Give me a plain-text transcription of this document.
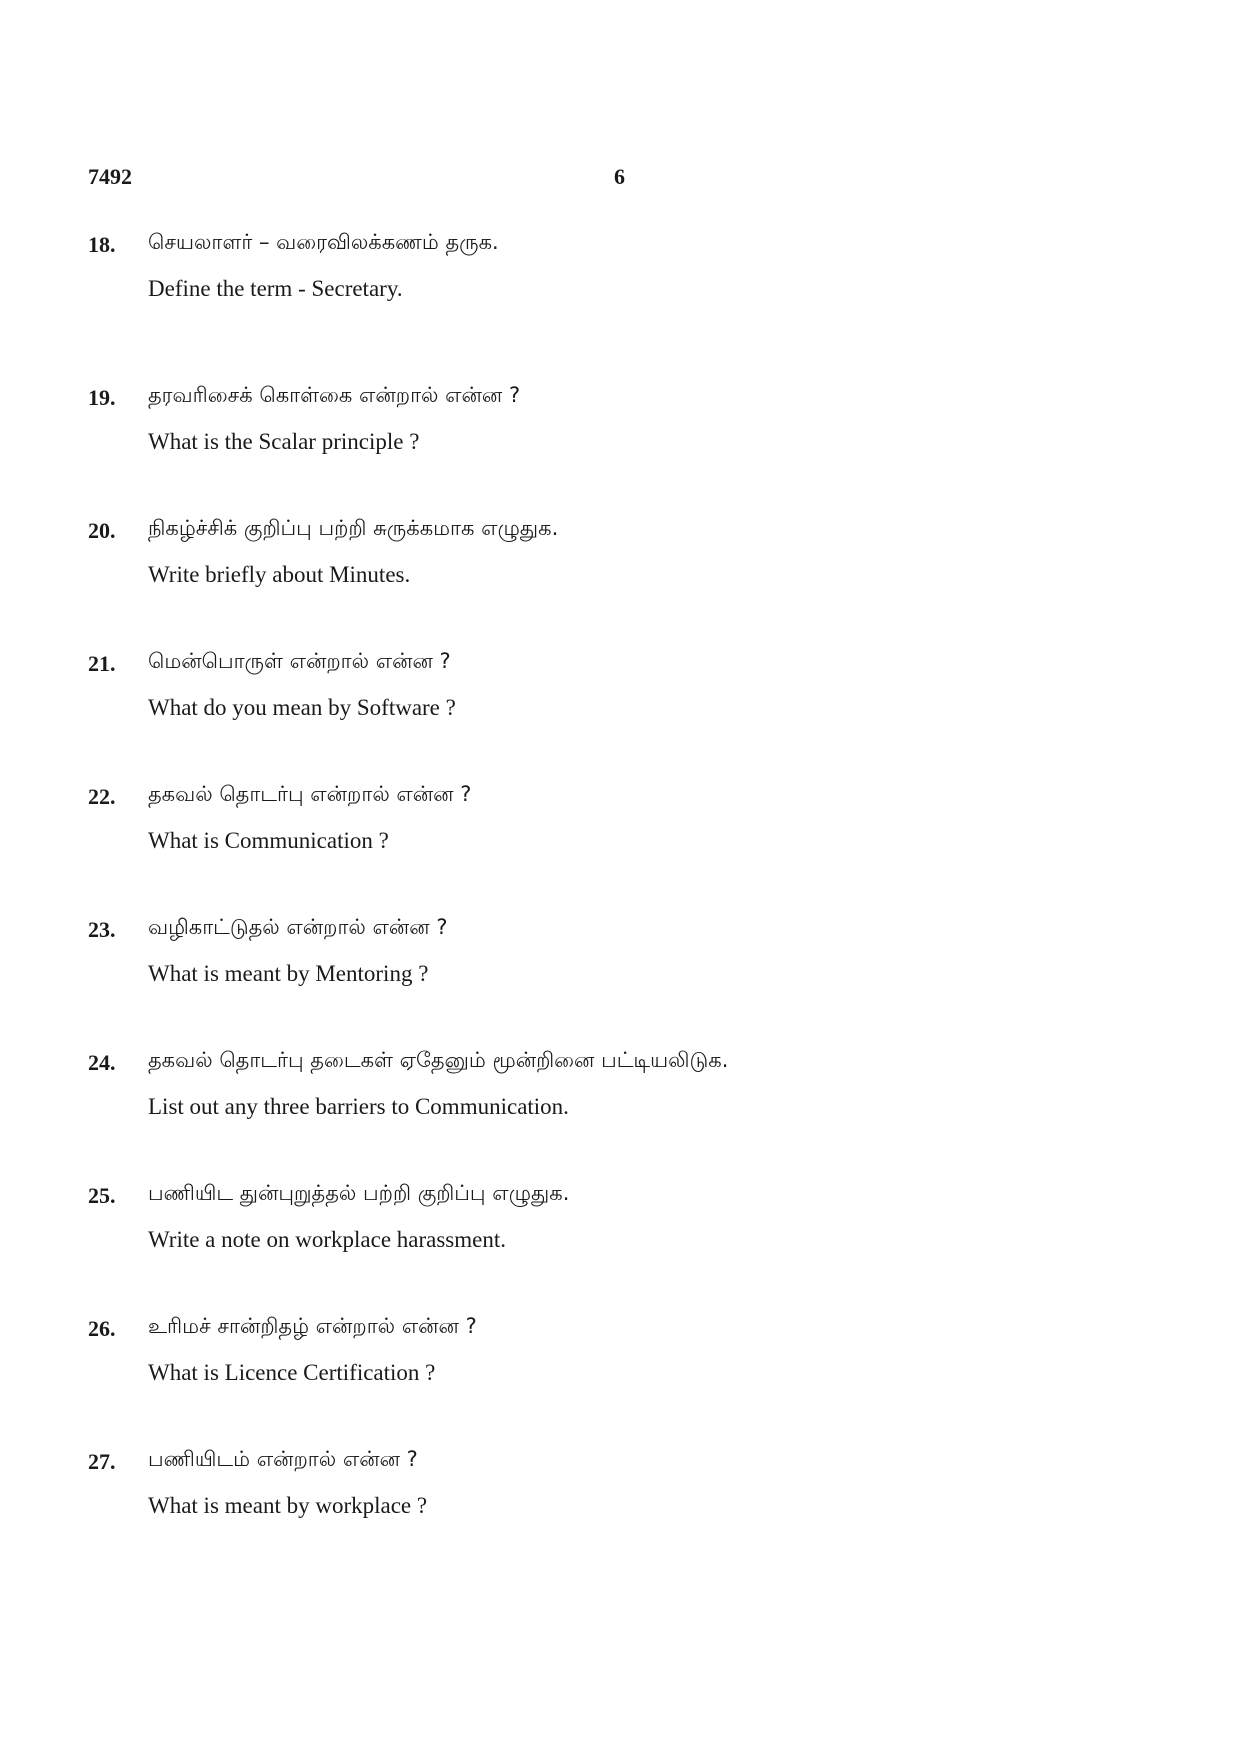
7492	6
18. செயலாளர் – வரைவிலக்கணம் தருக.
Define the term - Secretary.
19. தரவரிசைக் கொள்கை என்றால் என்ன ?
What is the Scalar principle ?
20. நிகழ்ச்சிக் குறிப்பு பற்றி சுருக்கமாக எழுதுக.
Write briefly about Minutes.
21. மென்பொருள் என்றால் என்ன ?
What do you mean by Software ?
22. தகவல் தொடர்பு என்றால் என்ன ?
What is Communication ?
23. வழிகாட்டுதல் என்றால் என்ன ?
What is meant by Mentoring ?
24. தகவல் தொடர்பு தடைகள் ஏதேனும் மூன்றினை பட்டியலிடுக.
List out any three barriers to Communication.
25. பணியிட துன்புறுத்தல் பற்றி குறிப்பு எழுதுக.
Write a note on workplace harassment.
26. உரிமச் சான்றிதழ் என்றால் என்ன ?
What is Licence Certification ?
27. பணியிடம் என்றால் என்ன ?
What is meant by workplace ?
